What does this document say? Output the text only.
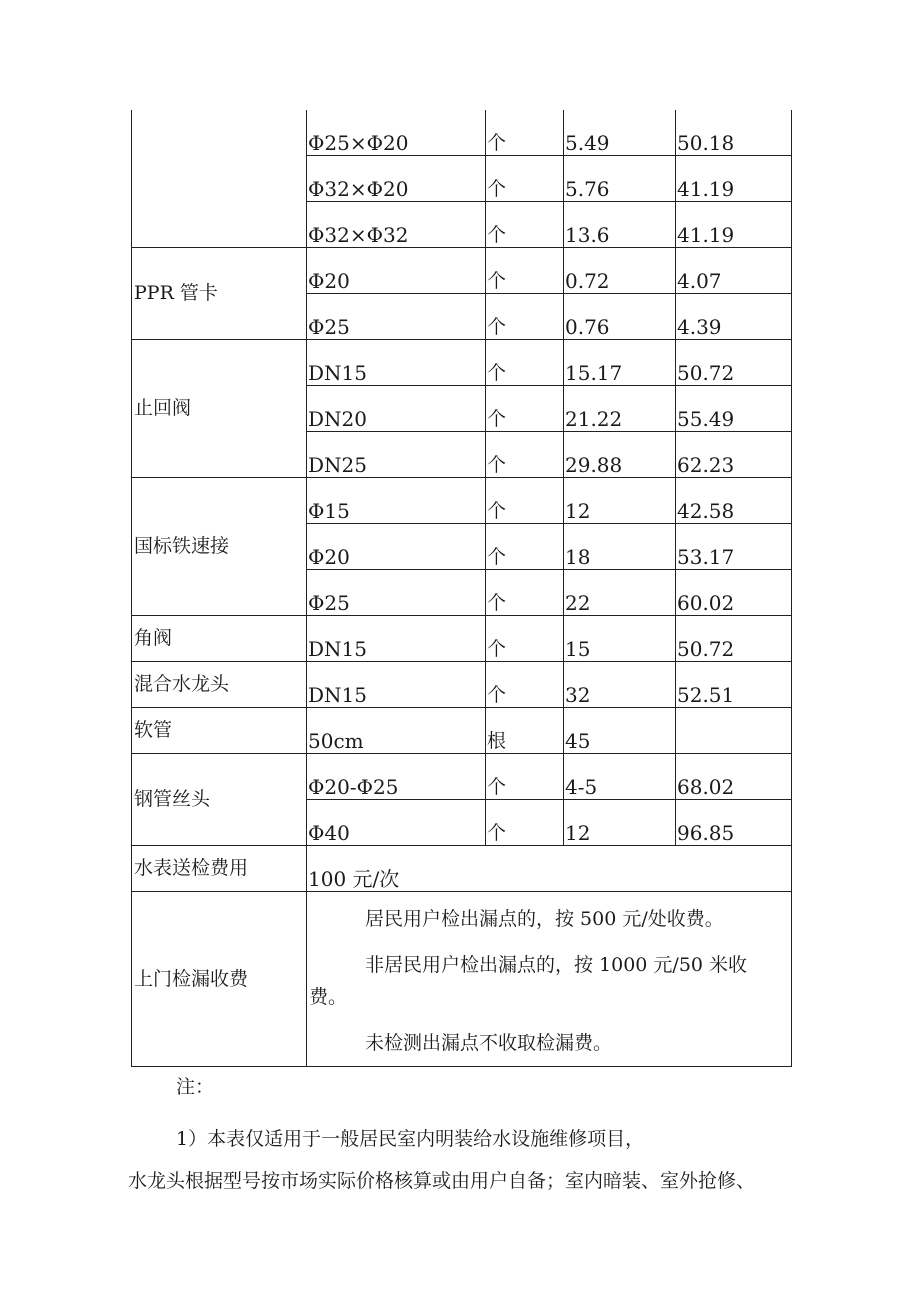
	Φ25×Φ20	个	5.49	50.18
	Φ32×Φ20	个	5.76	41.19
	Φ32×Φ32	个	13.6	41.19
PPR 管卡	Φ20	个	0.72	4.07
	Φ25	个	0.76	4.39
止回阀	DN15	个	15.17	50.72
	DN20	个	21.22	55.49
	DN25	个	29.88	62.23
国标铁速接	Φ15	个	12	42.58
	Φ20	个	18	53.17
	Φ25	个	22	60.02
角阀	DN15	个	15	50.72
混合水龙头	DN15	个	32	52.51
软管	50cm	根	45	
钢管丝头	Φ20-Φ25	个	4-5	68.02
	Φ40	个	12	96.85
水表送检费用	100 元/次			
上门检漏收费	居民用户检出漏点的，按 500 元/处收费。
非居民用户检出漏点的，按 1000 元/50 米收
费。
未检测出漏点不收取检漏费。			
注：
1）本表仅适用于一般居民室内明装给水设施维修项目，
水龙头根据型号按市场实际价格核算或由用户自备；室内暗装、室外抢修、
